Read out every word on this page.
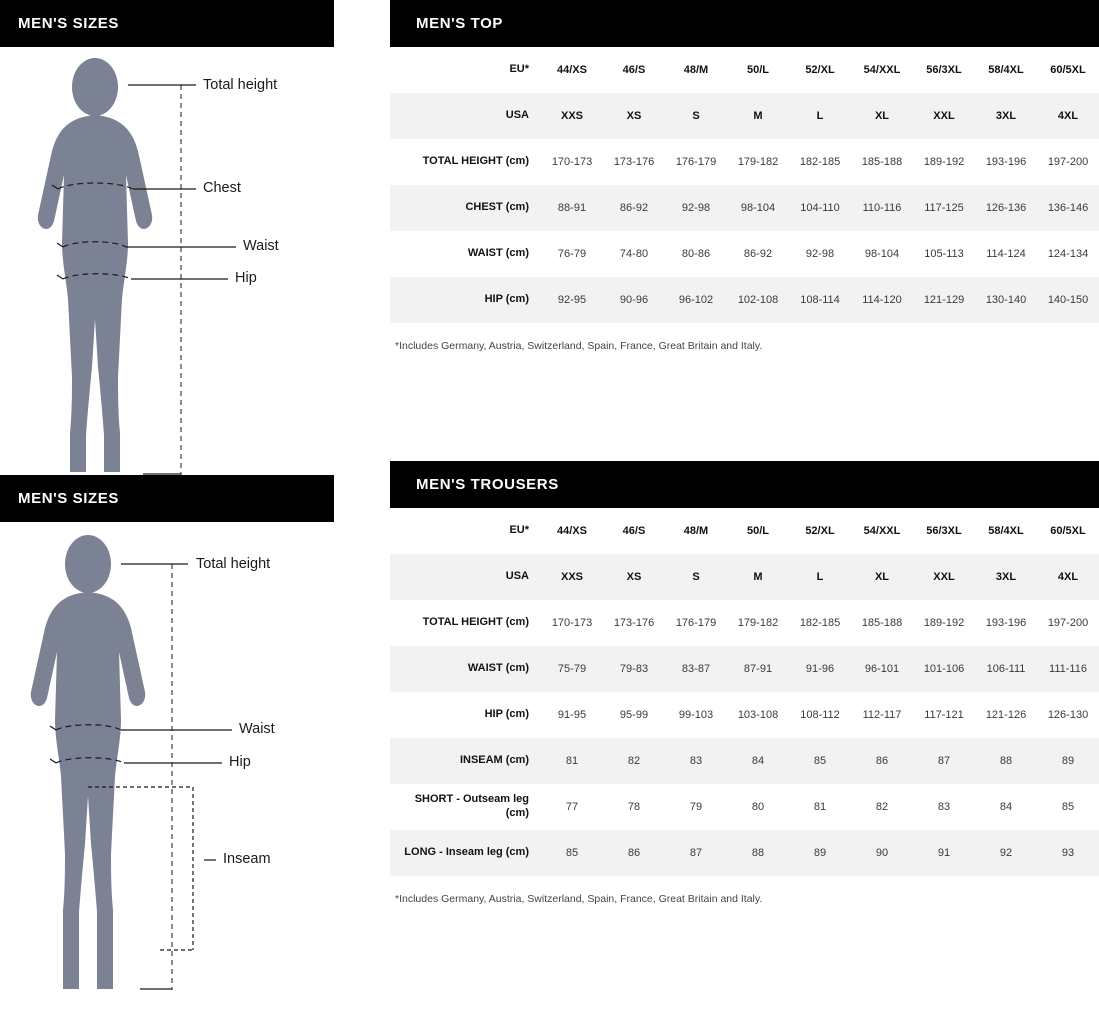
MEN'S SIZES
Total height
Chest
Waist
Hip
MEN'S SIZES
Total height
Waist
Hip
Inseam
MEN'S TOP
EU*	44/XS	46/S	48/M	50/L	52/XL	54/XXL	56/3XL	58/4XL	60/5XL
USA	XXS	XS	S	M	L	XL	XXL	3XL	4XL
TOTAL HEIGHT (cm)	170-173	173-176	176-179	179-182	182-185	185-188	189-192	193-196	197-200
CHEST (cm)	88-91	86-92	92-98	98-104	104-110	110-116	117-125	126-136	136-146
WAIST (cm)	76-79	74-80	80-86	86-92	92-98	98-104	105-113	114-124	124-134
HIP (cm)	92-95	90-96	96-102	102-108	108-114	114-120	121-129	130-140	140-150
*Includes Germany, Austria, Switzerland, Spain, France, Great Britain and Italy.
MEN'S TROUSERS
EU*	44/XS	46/S	48/M	50/L	52/XL	54/XXL	56/3XL	58/4XL	60/5XL
USA	XXS	XS	S	M	L	XL	XXL	3XL	4XL
TOTAL HEIGHT (cm)	170-173	173-176	176-179	179-182	182-185	185-188	189-192	193-196	197-200
WAIST (cm)	75-79	79-83	83-87	87-91	91-96	96-101	101-106	106-111	111-116
HIP (cm)	91-95	95-99	99-103	103-108	108-112	112-117	117-121	121-126	126-130
INSEAM (cm)	81	82	83	84	85	86	87	88	89
SHORT - Outseam leg (cm)	77	78	79	80	81	82	83	84	85
LONG - Inseam leg (cm)	85	86	87	88	89	90	91	92	93
*Includes Germany, Austria, Switzerland, Spain, France, Great Britain and Italy.
